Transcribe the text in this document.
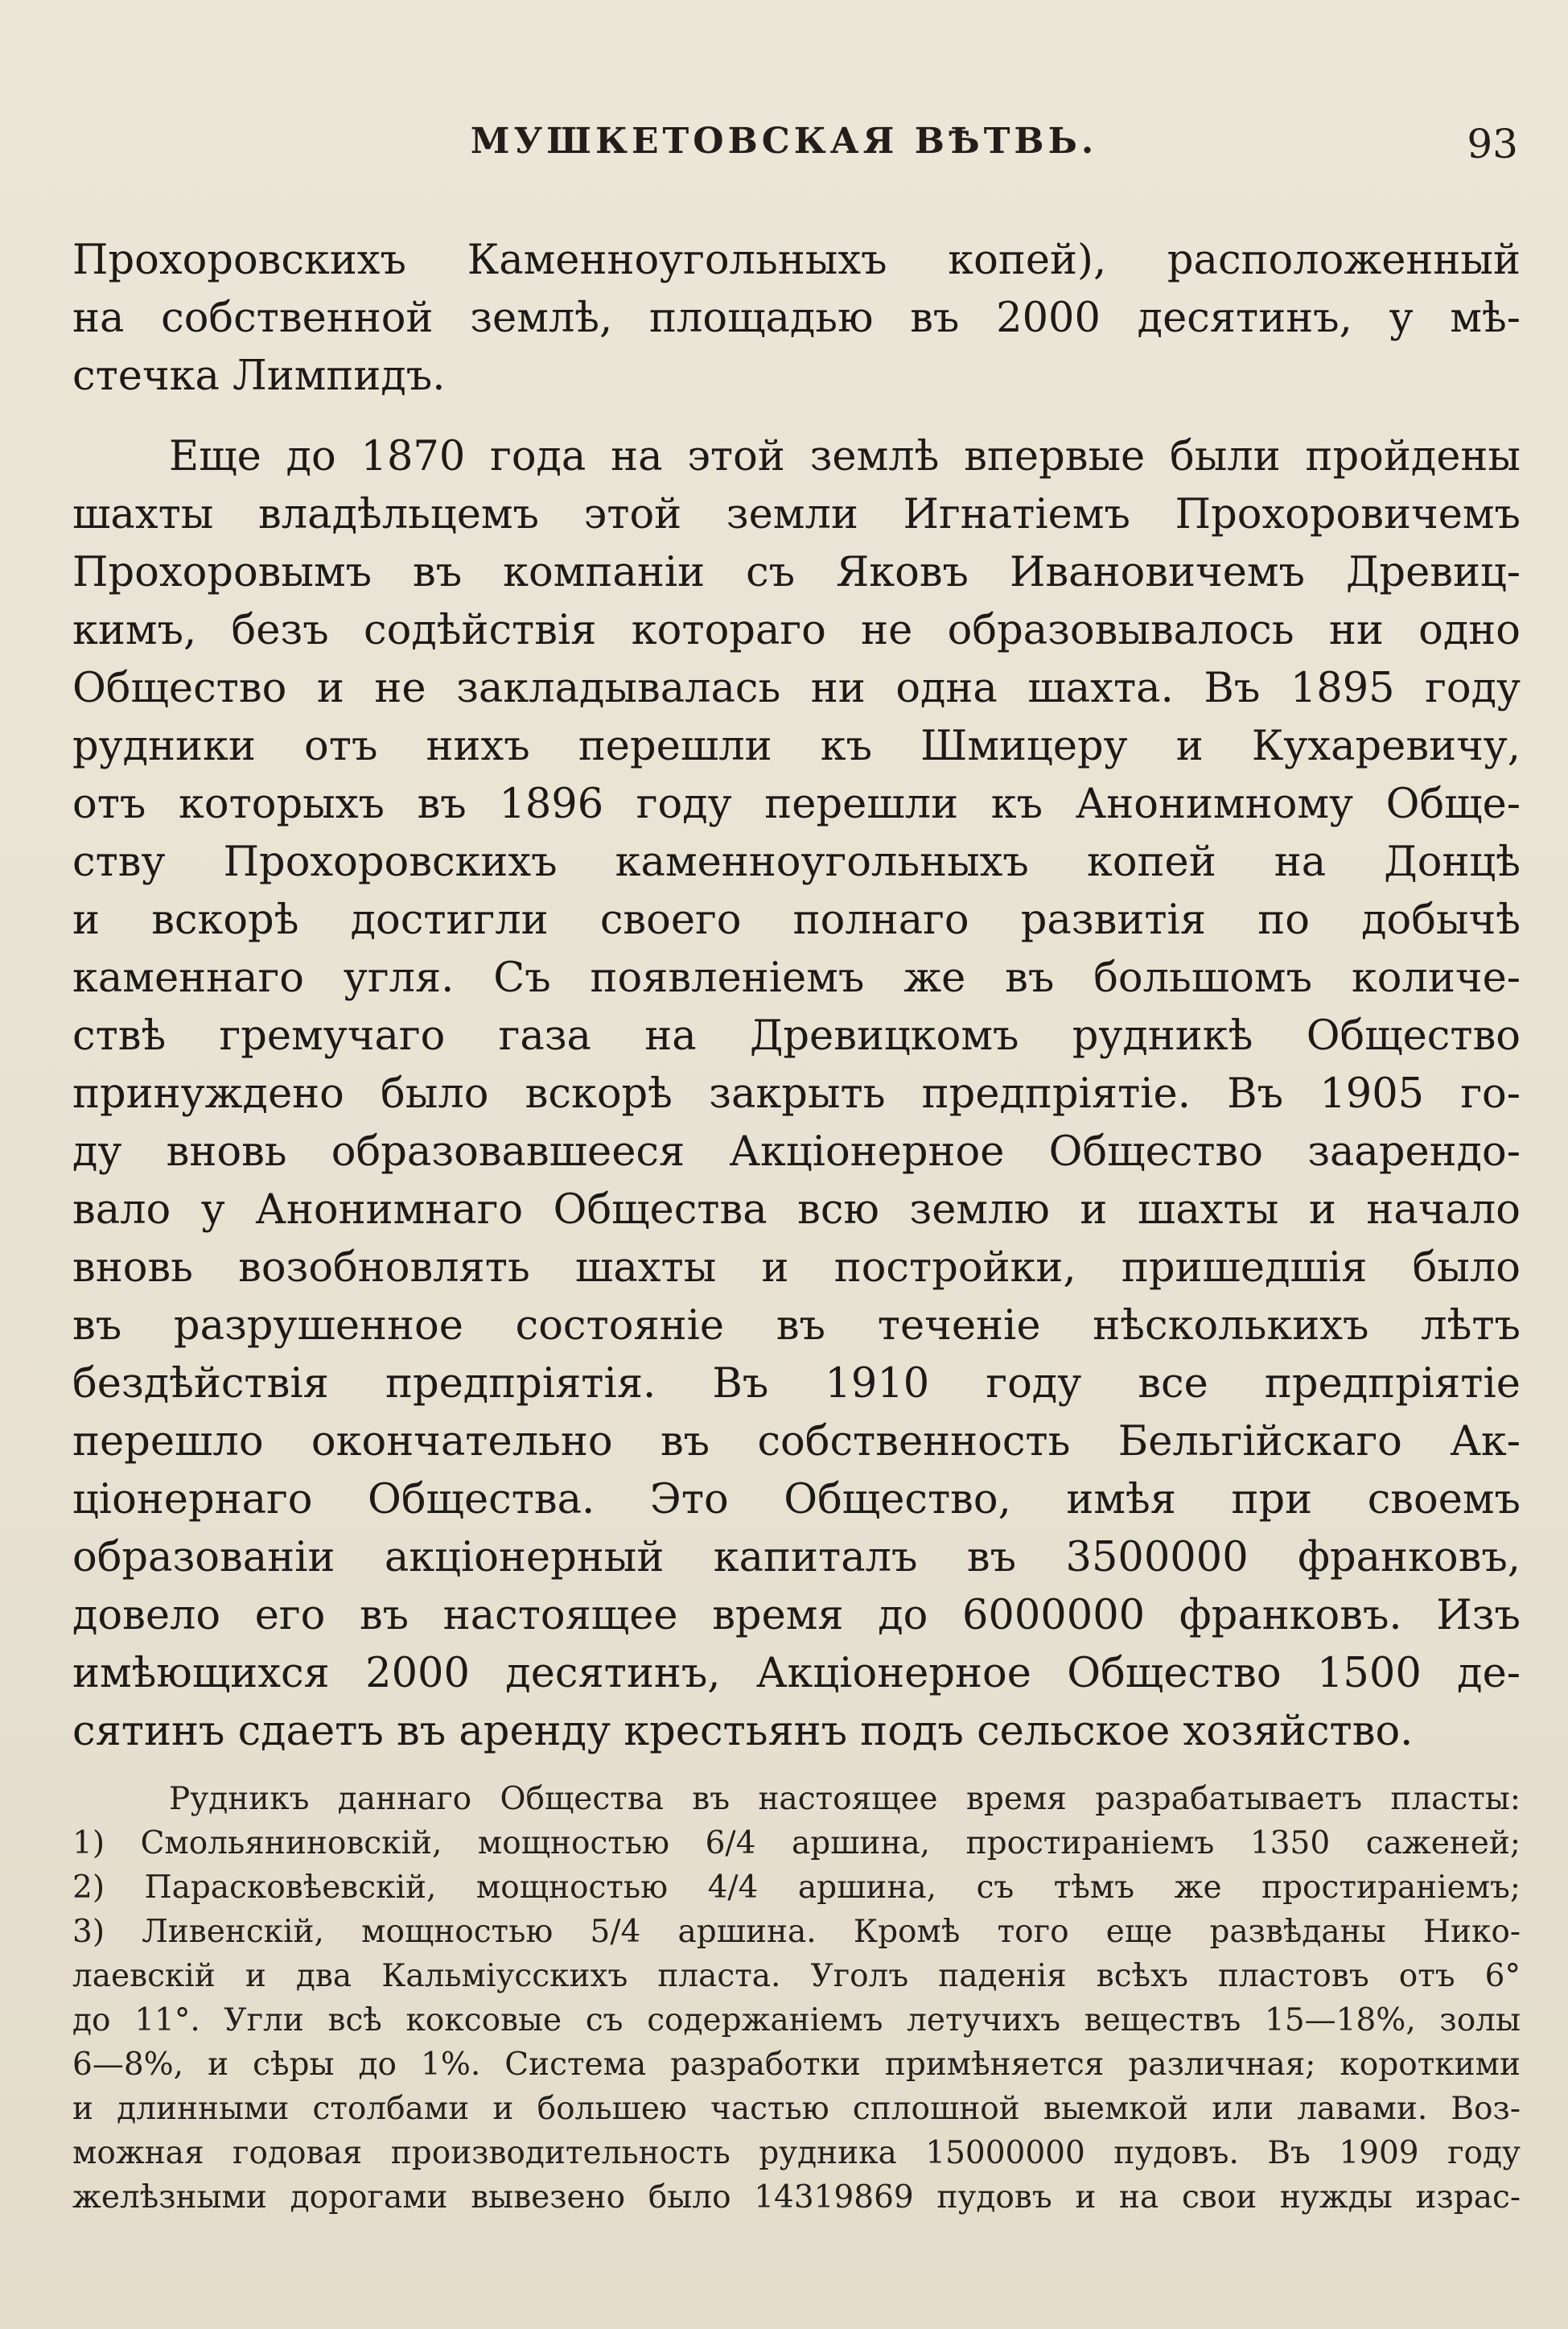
МУШКЕТОВСКАЯ ВѢТВЬ.	93
Прохоровскихъ Каменноугольныхъ копей), расположенный
на собственной землѣ, площадью въ 2000 десятинъ, у мѣ-
стечка Лимпидъ.
Еще до 1870 года на этой землѣ впервые были пройдены
шахты владѣльцемъ этой земли Игнатіемъ Прохоровичемъ
Прохоровымъ въ компаніи съ Яковъ Ивановичемъ Древиц-
кимъ, безъ содѣйствія котораго не образовывалось ни одно
Общество и не закладывалась ни одна шахта. Въ 1895 году
рудники отъ нихъ перешли къ Шмицеру и Кухаревичу,
отъ которыхъ въ 1896 году перешли къ Анонимному Обще-
ству Прохоровскихъ каменноугольныхъ копей на Донцѣ
и вскорѣ достигли своего полнаго развитія по добычѣ
каменнаго угля. Съ появленіемъ же въ большомъ количе-
ствѣ гремучаго газа на Древицкомъ рудникѣ Общество
принуждено было вскорѣ закрыть предпріятіе. Въ 1905 го-
ду вновь образовавшееся Акціонерное Общество заарендо-
вало у Анонимнаго Общества всю землю и шахты и начало
вновь возобновлять шахты и постройки, пришедшія было
въ разрушенное состояніе въ теченіе нѣсколькихъ лѣтъ
бездѣйствія предпріятія. Въ 1910 году все предпріятіе
перешло окончательно въ собственность Бельгійскаго Ак-
ціонернаго Общества. Это Общество, имѣя при своемъ
образованіи акціонерный капиталъ въ 3500000 франковъ,
довело его въ настоящее время до 6000000 франковъ. Изъ
имѣющихся 2000 десятинъ, Акціонерное Общество 1500 де-
сятинъ сдаетъ въ аренду крестьянъ подъ сельское хозяйство.
Рудникъ даннаго Общества въ настоящее время разрабатываетъ пласты:
1) Смольяниновскій, мощностью 6/4 аршина, простираніемъ 1350 саженей;
2) Парасковѣевскій, мощностью 4/4 аршина, съ тѣмъ же простираніемъ;
3) Ливенскій, мощностью 5/4 аршина. Кромѣ того еще развѣданы Нико-
лаевскій и два Кальміусскихъ пласта. Уголъ паденія всѣхъ пластовъ отъ 6°
до 11°. Угли всѣ коксовые съ содержаніемъ летучихъ веществъ 15—18%, золы
6—8%, и сѣры до 1%. Система разработки примѣняется различная; короткими
и длинными столбами и большею частью сплошной выемкой или лавами. Воз-
можная годовая производительность рудника 15000000 пудовъ. Въ 1909 году
желѣзными дорогами вывезено было 14319869 пудовъ и на свои нужды израс-
